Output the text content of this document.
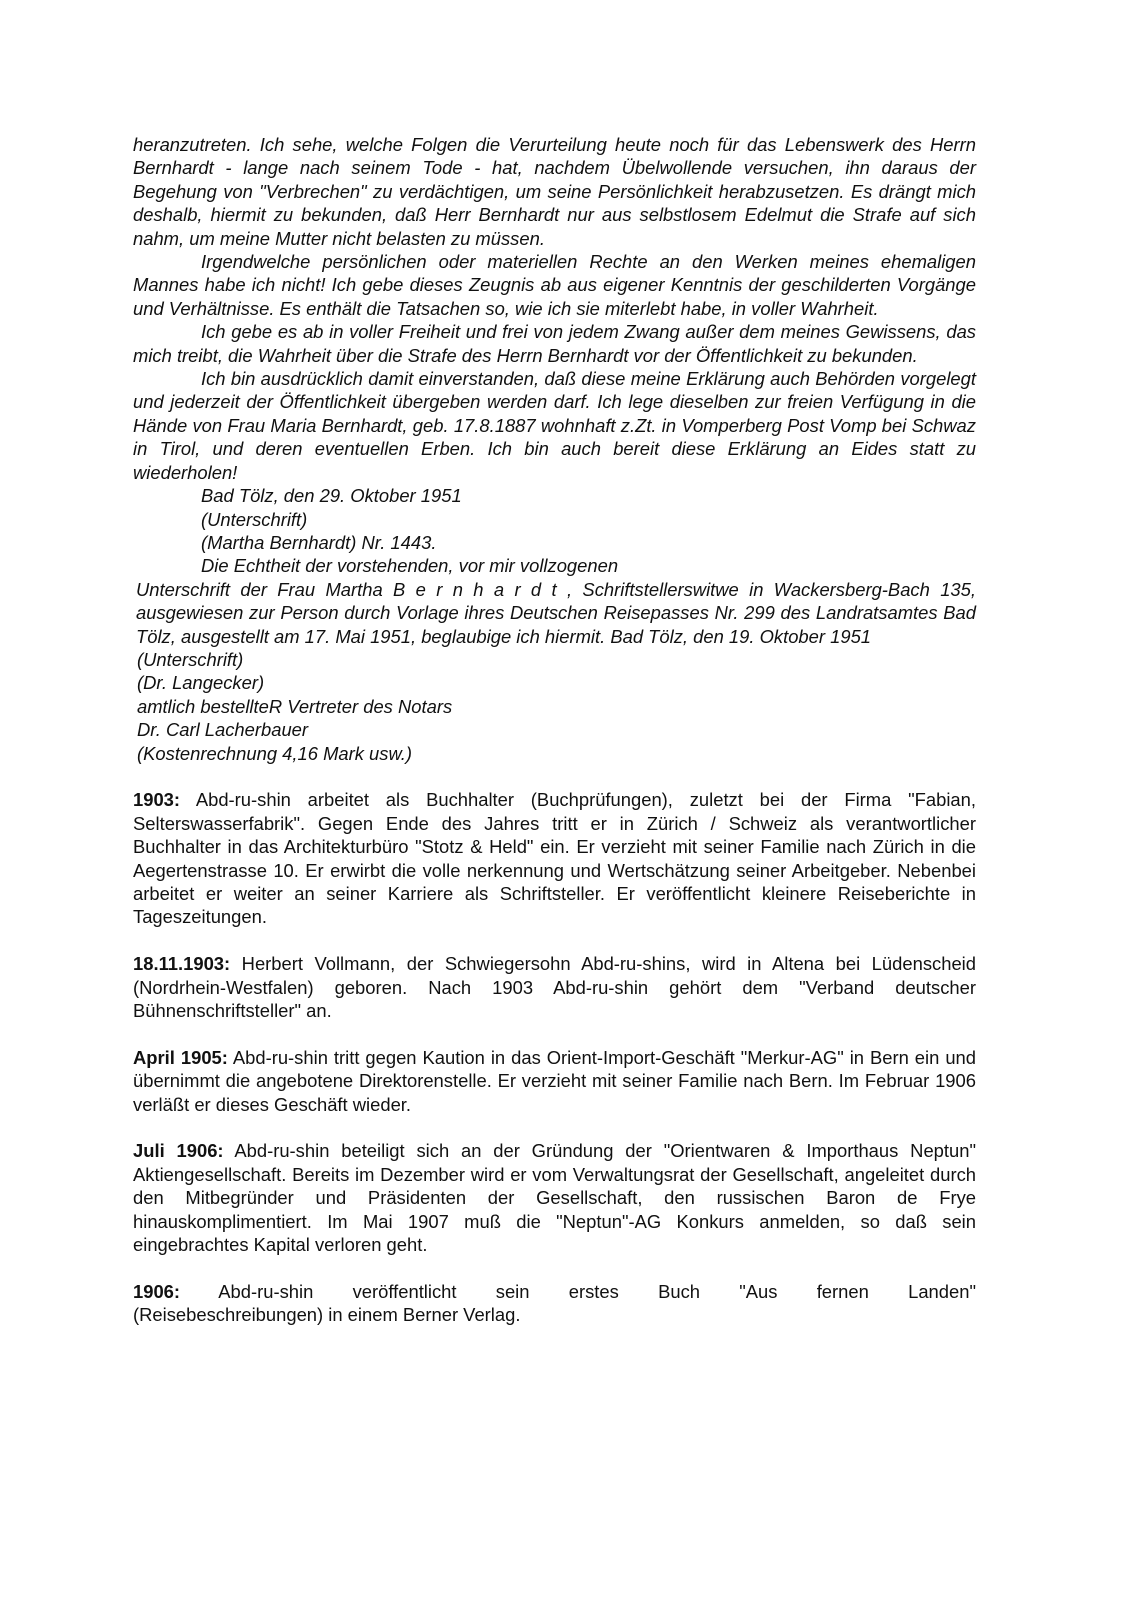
heranzutreten. Ich sehe, welche Folgen die Verurteilung heute noch für das Lebenswerk des Herrn Bernhardt - lange nach seinem Tode - hat, nachdem Übelwollende versuchen, ihn daraus der Begehung von "Verbrechen" zu verdächtigen, um seine Persönlichkeit herabzusetzen. Es drängt mich deshalb, hiermit zu bekunden, daß Herr Bernhardt nur aus selbstlosem Edelmut die Strafe auf sich nahm, um meine Mutter nicht belasten zu müssen.

Irgendwelche persönlichen oder materiellen Rechte an den Werken meines ehemaligen Mannes habe ich nicht! Ich gebe dieses Zeugnis ab aus eigener Kenntnis der geschilderten Vorgänge und Verhältnisse. Es enthält die Tatsachen so, wie ich sie miterlebt habe, in voller Wahrheit.

Ich gebe es ab in voller Freiheit und frei von jedem Zwang außer dem meines Gewissens, das mich treibt, die Wahrheit über die Strafe des Herrn Bernhardt vor der Öffentlichkeit zu bekunden.

Ich bin ausdrücklich damit einverstanden, daß diese meine Erklärung auch Behörden vorgelegt und jederzeit der Öffentlichkeit übergeben werden darf. Ich lege dieselben zur freien Verfügung in die Hände von Frau Maria Bernhardt, geb. 17.8.1887 wohnhaft z.Zt. in Vomperberg Post Vomp bei Schwaz in Tirol, und deren eventuellen Erben. Ich bin auch bereit diese Erklärung an Eides statt zu wiederholen!

Bad Tölz, den 29. Oktober 1951

(Unterschrift)

(Martha Bernhardt) Nr. 1443.

Die Echtheit der vorstehenden, vor mir vollzogenen

Unterschrift der Frau Martha B e r n h a r d t , Schriftstellerswitwe in Wackersberg-Bach 135, ausgewiesen zur Person durch Vorlage ihres Deutschen Reisepasses Nr. 299 des Landratsamtes Bad Tölz, ausgestellt am 17. Mai 1951, beglaubige ich hiermit. Bad Tölz, den 19. Oktober 1951

(Unterschrift)

(Dr. Langecker)

amtlich bestellteR Vertreter des Notars

Dr. Carl Lacherbauer

(Kostenrechnung 4,16 Mark usw.)

1903: Abd-ru-shin arbeitet als Buchhalter (Buchprüfungen), zuletzt bei der Firma "Fabian, Selterswasserfabrik". Gegen Ende des Jahres tritt er in Zürich / Schweiz als verantwortlicher Buchhalter in das Architekturbüro "Stotz & Held" ein. Er verzieht mit seiner Familie nach Zürich in die Aegertenstrasse 10. Er erwirbt die volle nerkennung und Wertschätzung seiner Arbeitgeber. Nebenbei arbeitet er weiter an seiner Karriere als Schriftsteller. Er veröffentlicht kleinere Reiseberichte in Tageszeitungen.

18.11.1903: Herbert Vollmann, der Schwiegersohn Abd-ru-shins, wird in Altena bei Lüdenscheid (Nordrhein-Westfalen) geboren. Nach 1903 Abd-ru-shin gehört dem "Verband deutscher Bühnenschriftsteller" an.

April 1905: Abd-ru-shin tritt gegen Kaution in das Orient-Import-Geschäft "Merkur-AG" in Bern ein und übernimmt die angebotene Direktorenstelle. Er verzieht mit seiner Familie nach Bern. Im Februar 1906 verläßt er dieses Geschäft wieder.

Juli 1906: Abd-ru-shin beteiligt sich an der Gründung der "Orientwaren & Importhaus Neptun" Aktiengesellschaft. Bereits im Dezember wird er vom Verwaltungsrat der Gesellschaft, angeleitet durch den Mitbegründer und Präsidenten der Gesellschaft, den russischen Baron de Frye hinauskomplimentiert. Im Mai 1907 muß die "Neptun"-AG Konkurs anmelden, so daß sein eingebrachtes Kapital verloren geht.

1906: Abd-ru-shin veröffentlicht sein erstes Buch "Aus fernen Landen"
(Reisebeschreibungen) in einem Berner Verlag.
